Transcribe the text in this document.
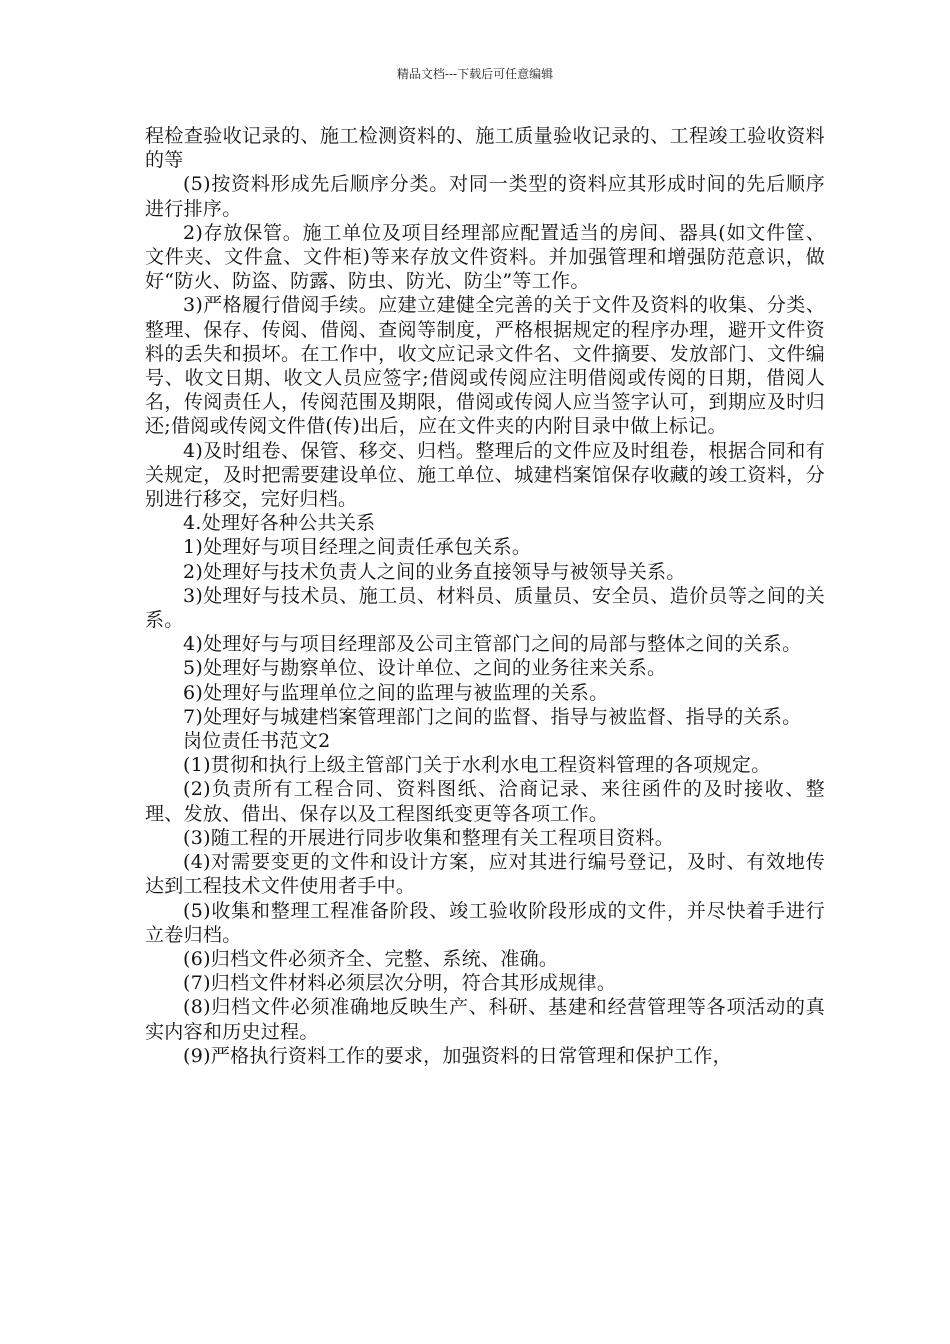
精品文档---下载后可任意编辑

程检查验收记录的、施工检测资料的、施工质量验收记录的、工程竣工验收资料的等

(5)按资料形成先后顺序分类。对同一类型的资料应其形成时间的先后顺序进行排序。

2)存放保管。施工单位及项目经理部应配置适当的房间、器具(如文件筐、文件夹、文件盒、文件柜)等来存放文件资料。并加强管理和增强防范意识，做好“防火、防盗、防露、防虫、防光、防尘”等工作。

3)严格履行借阅手续。应建立建健全完善的关于文件及资料的收集、分类、整理、保存、传阅、借阅、查阅等制度，严格根据规定的程序办理，避开文件资料的丢失和损坏。在工作中，收文应记录文件名、文件摘要、发放部门、文件编号、收文日期、收文人员应签字;借阅或传阅应注明借阅或传阅的日期，借阅人名，传阅责任人，传阅范围及期限，借阅或传阅人应当签字认可，到期应及时归还;借阅或传阅文件借(传)出后，应在文件夹的内附目录中做上标记。

4)及时组卷、保管、移交、归档。整理后的文件应及时组卷，根据合同和有关规定，及时把需要建设单位、施工单位、城建档案馆保存收藏的竣工资料，分别进行移交，完好归档。

4.处理好各种公共关系

1)处理好与项目经理之间责任承包关系。

2)处理好与技术负责人之间的业务直接领导与被领导关系。

3)处理好与技术员、施工员、材料员、质量员、安全员、造价员等之间的关系。

4)处理好与与项目经理部及公司主管部门之间的局部与整体之间的关系。

5)处理好与勘察单位、设计单位、之间的业务往来关系。

6)处理好与监理单位之间的监理与被监理的关系。

7)处理好与城建档案管理部门之间的监督、指导与被监督、指导的关系。

岗位责任书范文2

(1)贯彻和执行上级主管部门关于水利水电工程资料管理的各项规定。

(2)负责所有工程合同、资料图纸、洽商记录、来往函件的及时接收、整理、发放、借出、保存以及工程图纸变更等各项工作。

(3)随工程的开展进行同步收集和整理有关工程项目资料。

(4)对需要变更的文件和设计方案，应对其进行编号登记，及时、有效地传达到工程技术文件使用者手中。

(5)收集和整理工程准备阶段、竣工验收阶段形成的文件，并尽快着手进行立卷归档。

(6)归档文件必须齐全、完整、系统、准确。

(7)归档文件材料必须层次分明，符合其形成规律。

(8)归档文件必须准确地反映生产、科研、基建和经营管理等各项活动的真实内容和历史过程。

(9)严格执行资料工作的要求，加强资料的日常管理和保护工作，
